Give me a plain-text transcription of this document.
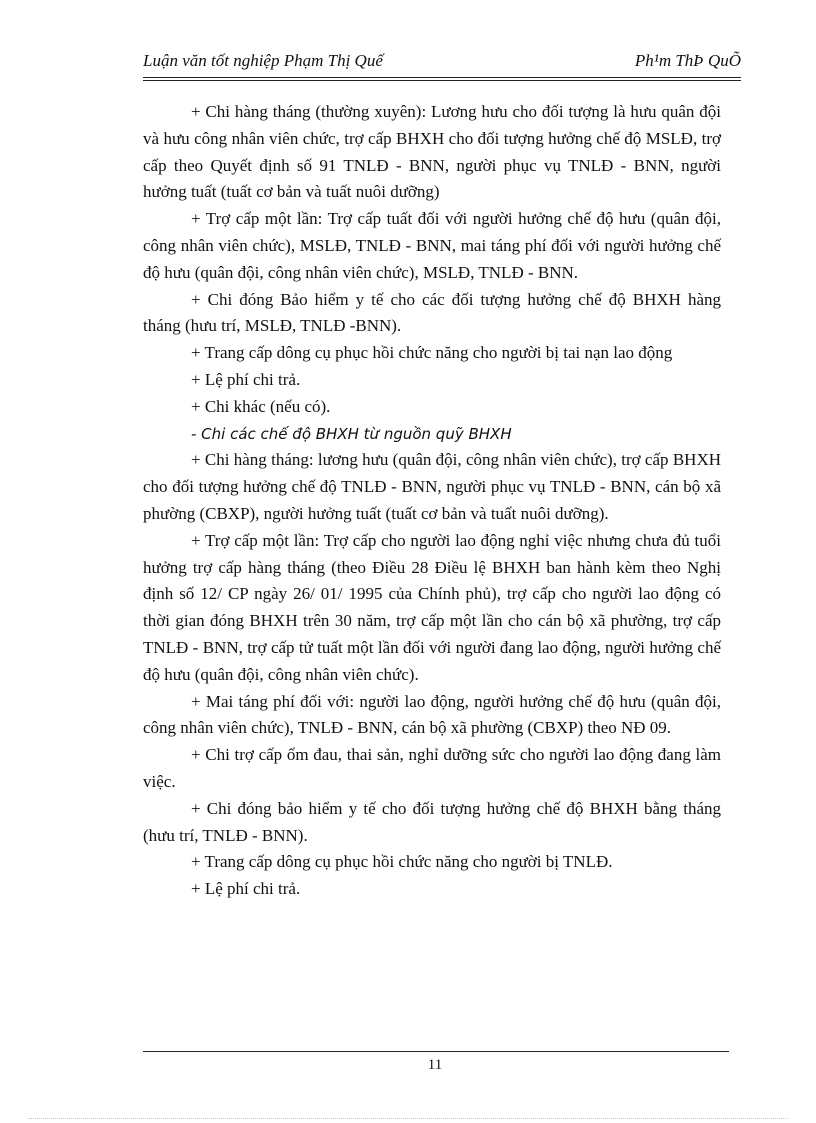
Luận văn tốt nghiệp Phạm Thị Quế	Ph¹m ThÞ QuÕ

+ Chi hàng tháng (thường xuyên): Lương hưu cho đối tượng là hưu quân đội và hưu công nhân viên chức, trợ cấp BHXH cho đối tượng hưởng chế độ MSLĐ, trợ cấp theo Quyết định số 91 TNLĐ - BNN, người phục vụ TNLĐ - BNN, người hưởng tuất (tuất cơ bản và tuất nuôi dưỡng)

+ Trợ cấp một lần: Trợ cấp tuất đối với người hưởng chế độ hưu (quân đội, công nhân viên chức), MSLĐ, TNLĐ - BNN, mai táng phí đối với người hưởng chế độ hưu (quân đội, công nhân viên chức), MSLĐ, TNLĐ - BNN.

+ Chi đóng Bảo hiểm y tế cho các đối tượng hưởng chế độ BHXH hàng tháng (hưu trí, MSLĐ, TNLĐ -BNN).

+ Trang cấp dông cụ phục hồi chức năng cho người bị tai nạn lao động

+ Lệ phí chi trả.

+ Chi khác (nếu có).

- Chi các chế độ BHXH từ nguồn quỹ BHXH

+ Chi hàng tháng: lương hưu (quân đội, công nhân viên chức), trợ cấp BHXH cho đối tượng hưởng chế độ TNLĐ - BNN, người phục vụ TNLĐ - BNN, cán bộ xã phường (CBXP), người hưởng tuất (tuất cơ bản và tuất nuôi dưỡng).

+ Trợ cấp một lần: Trợ cấp cho người lao động nghỉ việc nhưng chưa đủ tuổi hưởng trợ cấp hàng tháng (theo Điều 28 Điều lệ BHXH ban hành kèm theo Nghị định số 12/ CP ngày 26/ 01/ 1995 của Chính phủ), trợ cấp cho người lao động có thời gian đóng BHXH trên 30 năm, trợ cấp một lần cho cán bộ xã phường, trợ cấp TNLĐ - BNN, trợ cấp tử tuất một lần đối với người đang lao động, người hưởng chế độ hưu (quân đội, công nhân viên chức).

+ Mai táng phí đối với: người lao động, người hưởng chế độ hưu (quân đội, công nhân viên chức), TNLĐ - BNN, cán bộ xã phường (CBXP) theo NĐ 09.

+ Chi trợ cấp ốm đau, thai sản, nghỉ dưỡng sức cho người lao động đang làm việc.

+ Chi đóng bảo hiểm y tế cho đối tượng hưởng chế độ BHXH bằng tháng (hưu trí, TNLĐ - BNN).

+ Trang cấp dông cụ phục hồi chức năng cho người bị TNLĐ.

+ Lệ phí chi trả.

11
